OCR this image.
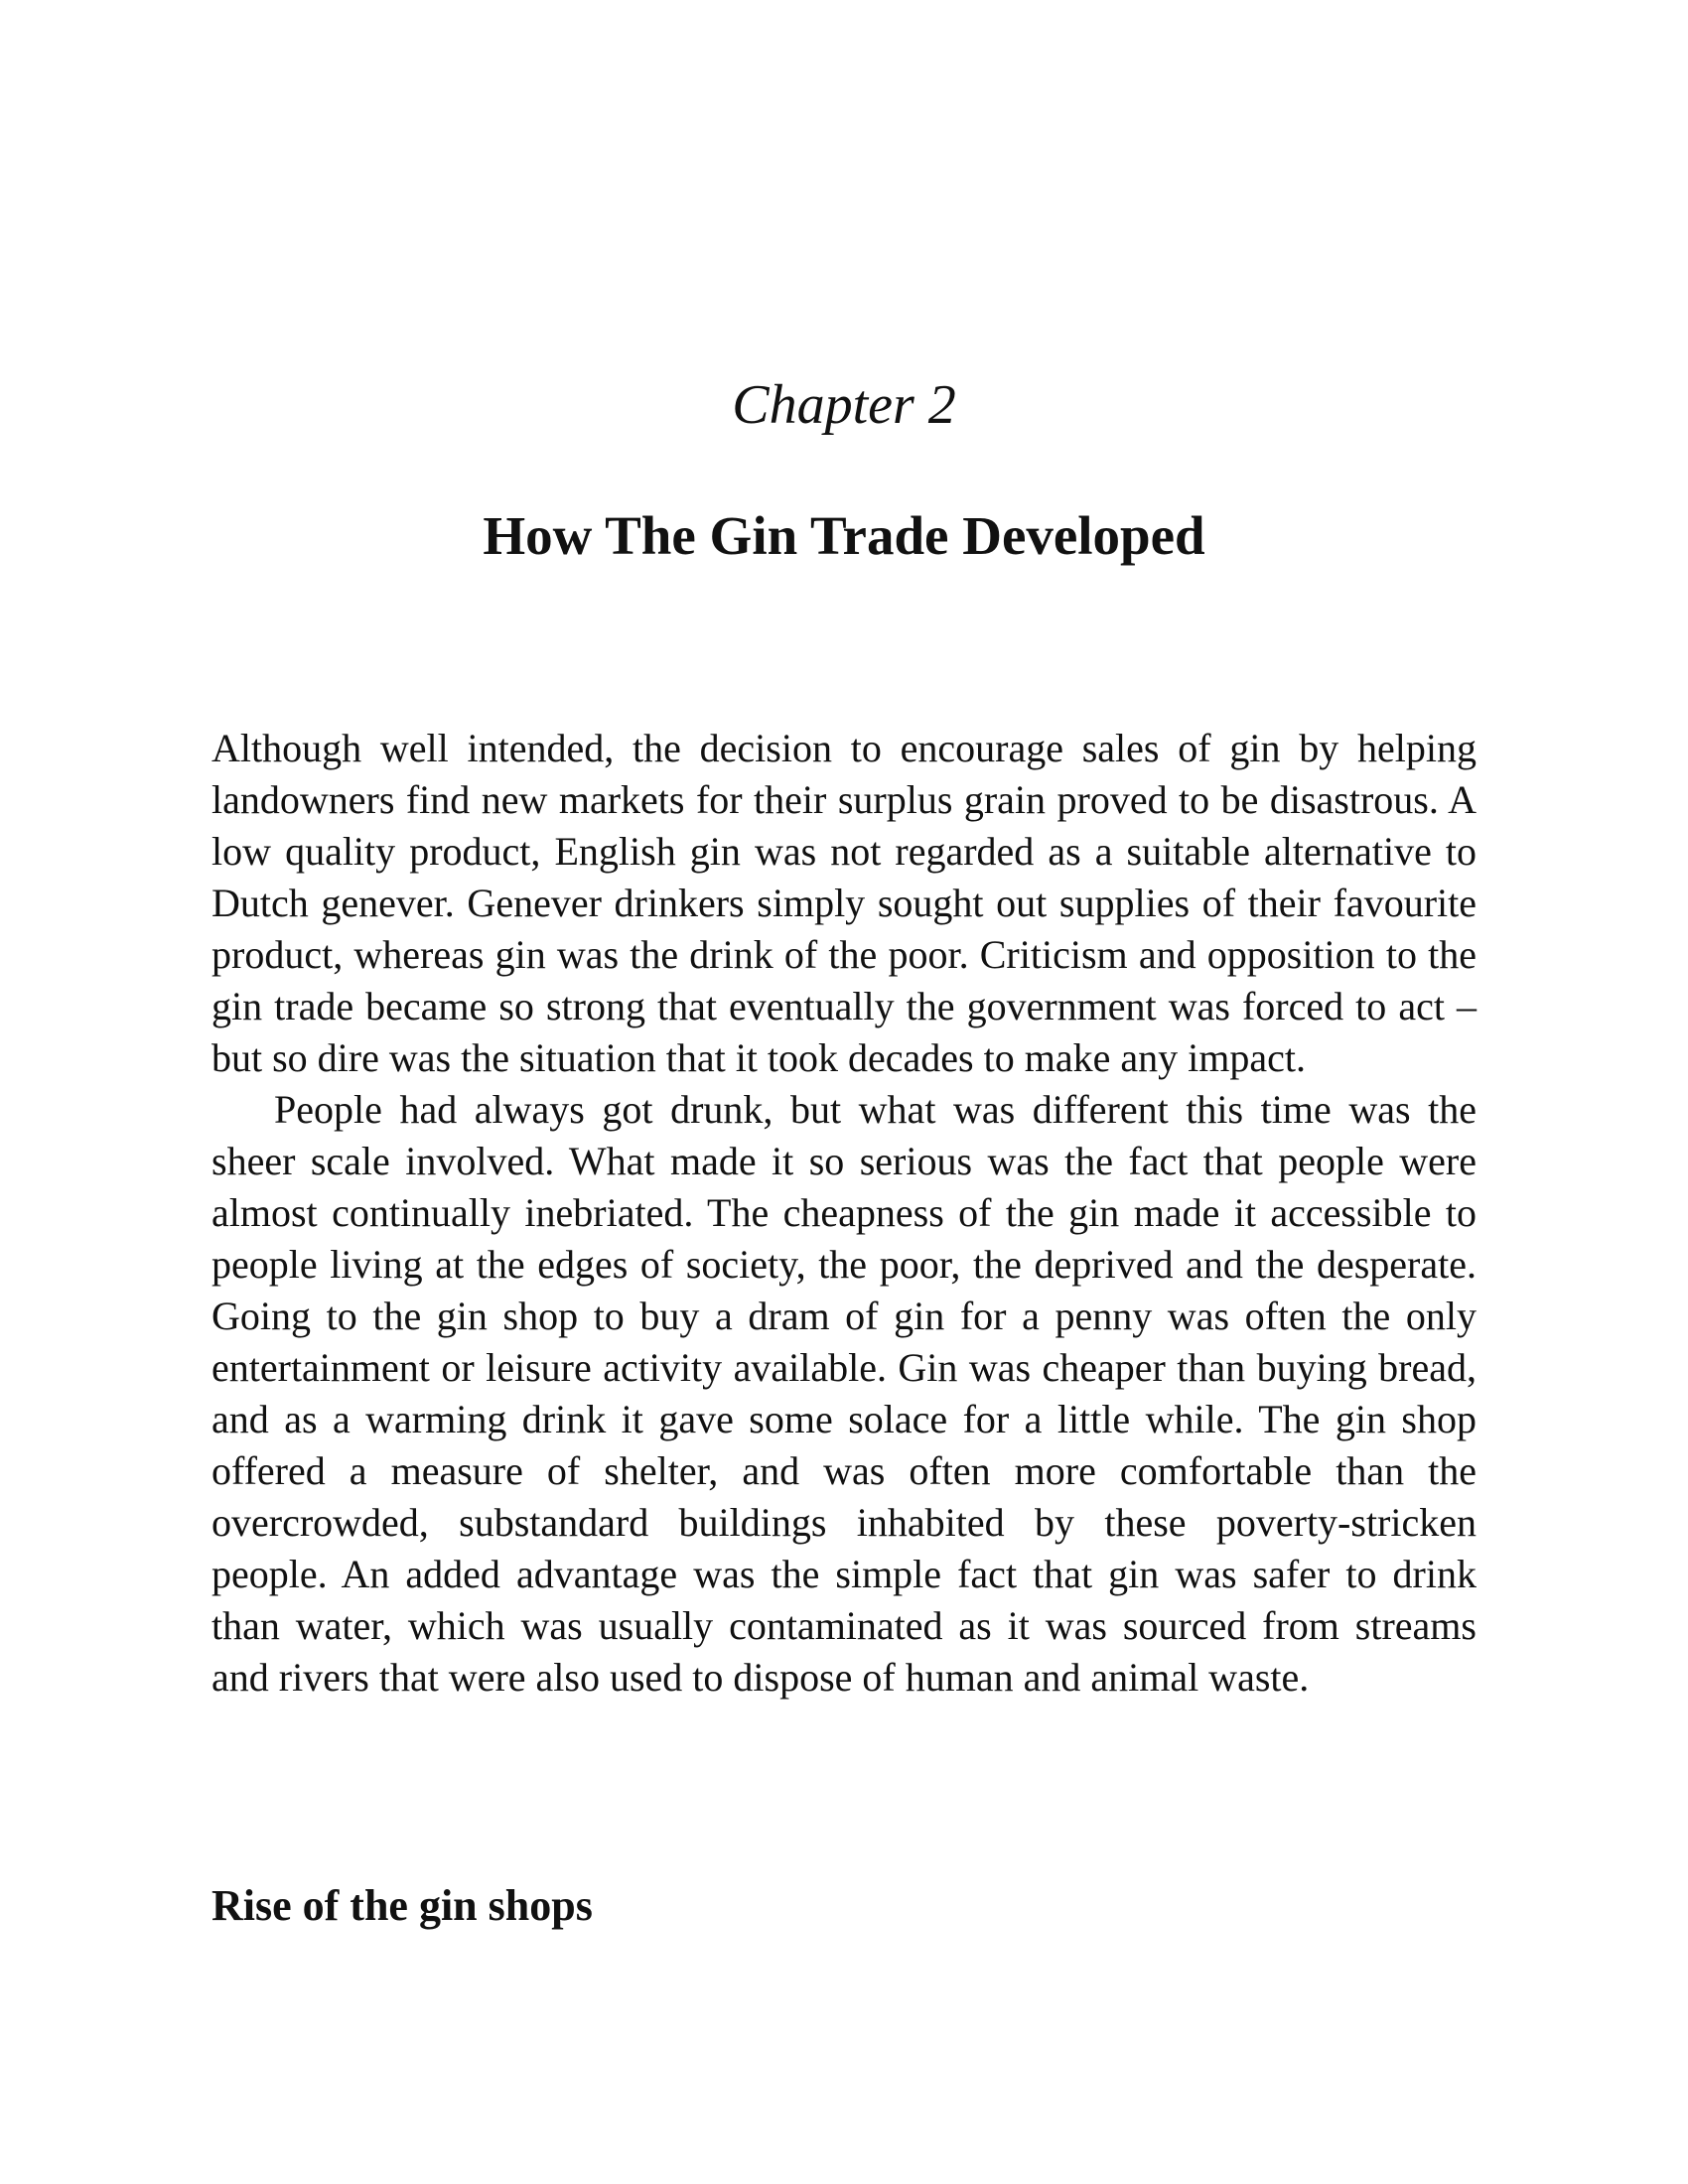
Chapter 2
How The Gin Trade Developed

Although well intended, the decision to encourage sales of gin by helping landowners find new markets for their surplus grain proved to be disastrous. A low quality product, English gin was not regarded as a suitable alternative to Dutch genever. Genever drinkers simply sought out supplies of their favourite product, whereas gin was the drink of the poor. Criticism and opposition to the gin trade became so strong that eventually the government was forced to act – but so dire was the situation that it took decades to make any impact.

People had always got drunk, but what was different this time was the sheer scale involved. What made it so serious was the fact that people were almost continually inebriated. The cheapness of the gin made it accessible to people living at the edges of society, the poor, the deprived and the desperate. Going to the gin shop to buy a dram of gin for a penny was often the only entertainment or leisure activity available. Gin was cheaper than buying bread, and as a warming drink it gave some solace for a little while. The gin shop offered a measure of shelter, and was often more comfortable than the overcrowded, substandard buildings inhabited by these poverty-stricken people. An added advantage was the simple fact that gin was safer to drink than water, which was usually contaminated as it was sourced from streams and rivers that were also used to dispose of human and animal waste.

Rise of the gin shops
